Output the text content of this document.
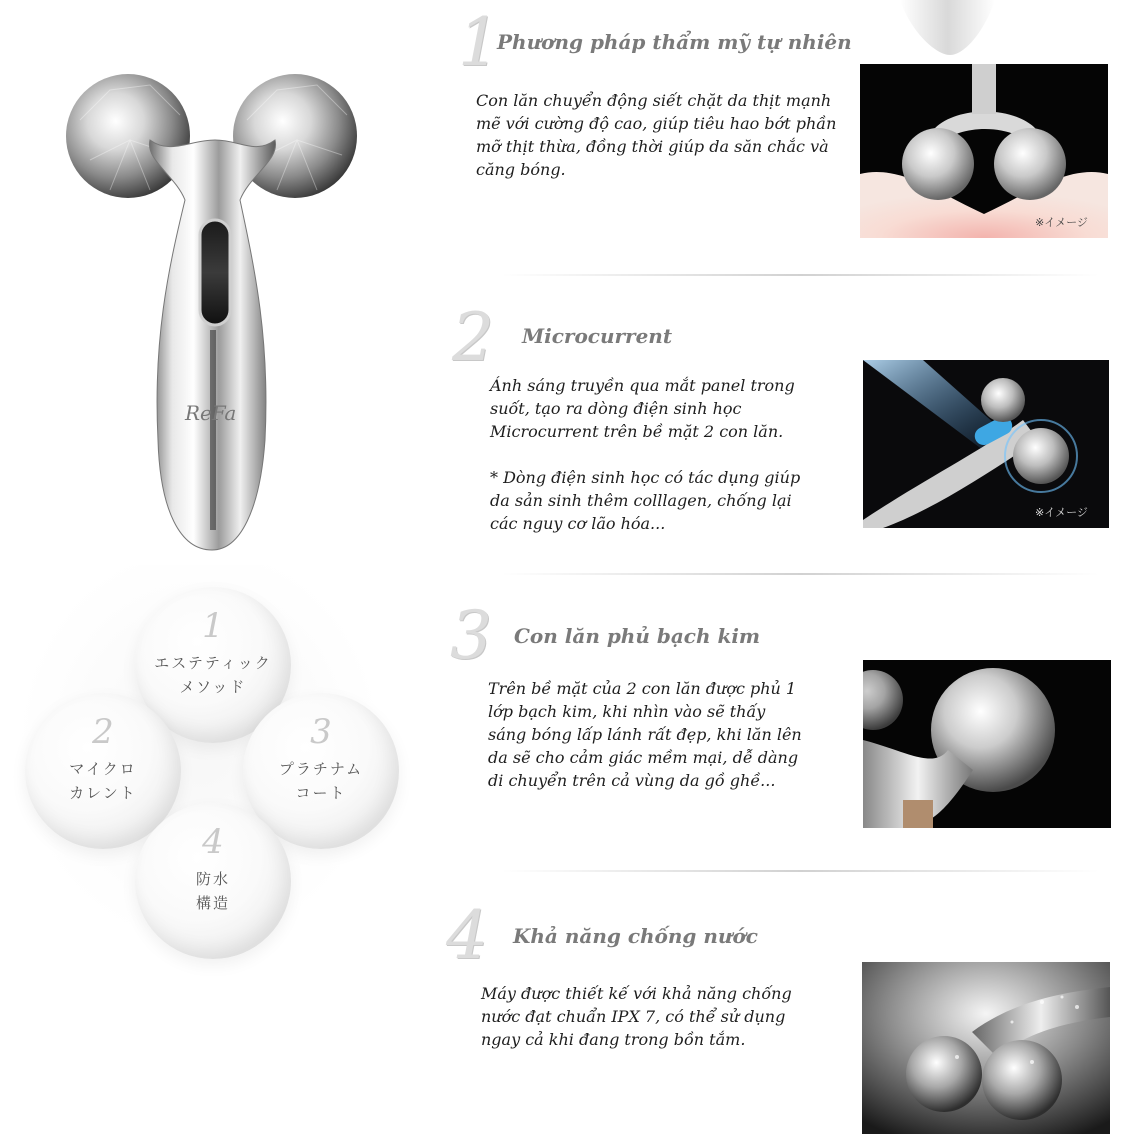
ReFa
1
エステティック
メソッド
2
マイクロ
カレント
3
プラチナム
コート
4
防水
構造
1
Phương pháp thẩm mỹ tự nhiên
Con lăn chuyển động siết chặt da thịt mạnh
mẽ với cường độ cao, giúp tiêu hao bớt phần
mỡ thịt thừa, đồng thời giúp da săn chắc và
căng bóng.
※イメージ
2 Microcurrent
Ánh sáng truyền qua mắt panel trong
suốt, tạo ra dòng điện sinh học
Microcurrent trên bề mặt 2 con lăn.

* Dòng điện sinh học có tác dụng giúp
da sản sinh thêm colllagen, chống lại
các nguy cơ lão hóa...
※イメージ
3 Con lăn phủ bạch kim
Trên bề mặt của 2 con lăn được phủ 1
lớp bạch kim, khi nhìn vào sẽ thấy
sáng bóng lấp lánh rất đẹp, khi lăn lên
da sẽ cho cảm giác mềm mại, dễ dàng
di chuyển trên cả vùng da gồ ghề...
4 Khả năng chống nước
Máy được thiết kế với khả năng chống
nước đạt chuẩn IPX 7, có thể sử dụng
ngay cả khi đang trong bồn tắm.
